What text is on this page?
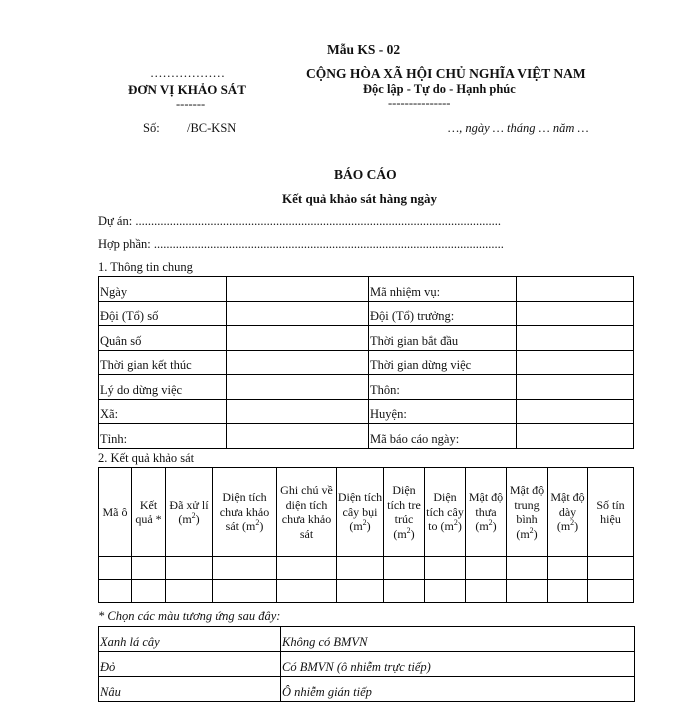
Mẫu KS - 02
………………
ĐƠN VỊ KHẢO SÁT
-------
Số: /BC-KSN
CỘNG HÒA XÃ HỘI CHỦ NGHĨA VIỆT NAM
Độc lập - Tự do - Hạnh phúc
---------------
…, ngày … tháng … năm …
BÁO CÁO
Kết quả khảo sát hàng ngày
Dự án: .....................................................................................................................
Hợp phần: ................................................................................................................
1. Thông tin chung
Ngày		Mã nhiệm vụ:	
Đội (Tổ) số		Đội (Tổ) trưởng:	
Quân số		Thời gian bắt đầu	
Thời gian kết thúc		Thời gian dừng việc	
Lý do dừng việc		Thôn:	
Xã:		Huyện:	
Tỉnh:		Mã báo cáo ngày:	
2. Kết quả khảo sát
Mã ô	Kết quả *	Đã xử lí $(m^2)$	Diện tích chưa khảo sát $(m^2)$	Ghi chú về diện tích chưa khảo sát	Diện tích cây bụi $(m^2)$	Diện tích tre trúc $(m^2)$	Diện tích cây to $(m^2)$	Mật độ thưa $(m^2)$	Mật độ trung bình $(m^2)$	Mật độ dày $(m^2)$	Số tín hiệu

* Chọn các màu tương ứng sau đây:
Xanh lá cây	Không có BMVN
Đỏ	Có BMVN (ô nhiễm trực tiếp)
Nâu	Ô nhiễm gián tiếp
